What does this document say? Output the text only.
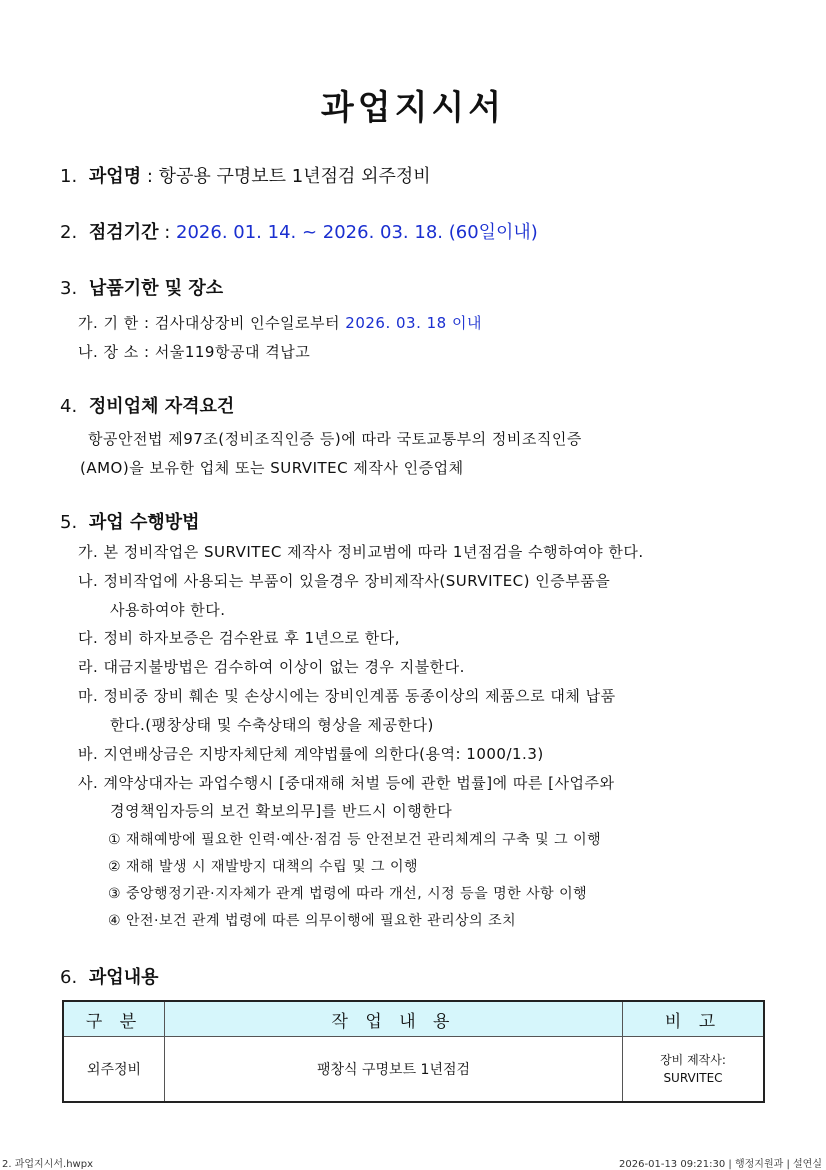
과업지시서
1. 과업명 : 항공용 구명보트 1년점검 외주정비
2. 점검기간 : 2026. 01. 14. ~ 2026. 03. 18. (60일이내)
3. 납품기한 및 장소
가. 기 한 : 검사대상장비 인수일로부터 2026. 03. 18 이내
나. 장 소 : 서울119항공대 격납고
4. 정비업체 자격요건
항공안전법 제97조(정비조직인증 등)에 따라 국토교통부의 정비조직인증
(AMO)을 보유한 업체 또는 SURVITEC 제작사 인증업체
5. 과업 수행방법
가. 본 정비작업은 SURVITEC 제작사 정비교범에 따라 1년점검을 수행하여야 한다.
나. 정비작업에 사용되는 부품이 있을경우 장비제작사(SURVITEC) 인증부품을
사용하여야 한다.
다. 정비 하자보증은 검수완료 후 1년으로 한다,
라. 대금지불방법은 검수하여 이상이 없는 경우 지불한다.
마. 정비중 장비 훼손 및 손상시에는 장비인계품 동종이상의 제품으로 대체 납품
한다.(팽창상태 및 수축상태의 형상을 제공한다)
바. 지연배상금은 지방자체단체 계약법률에 의한다(용역: 1000/1.3)
사. 계약상대자는 과업수행시 [중대재해 처벌 등에 관한 법률]에 따른 [사업주와
경영책임자등의 보건 확보의무]를 반드시 이행한다
① 재해예방에 필요한 인력·예산·점검 등 안전보건 관리체계의 구축 및 그 이행
② 재해 발생 시 재발방지 대책의 수립 및 그 이행
③ 중앙행정기관·지자체가 관계 법령에 따라 개선, 시정 등을 명한 사항 이행
④ 안전·보건 관계 법령에 따른 의무이행에 필요한 관리상의 조치
6. 과업내용
구 분	작 업 내 용	비 고
외주정비	팽창식 구명보트 1년점검	장비 제작사:
SURVITEC
2. 과업지시서.hwpx	2026-01-13 09:21:30 | 행정지원과 | 설연실
